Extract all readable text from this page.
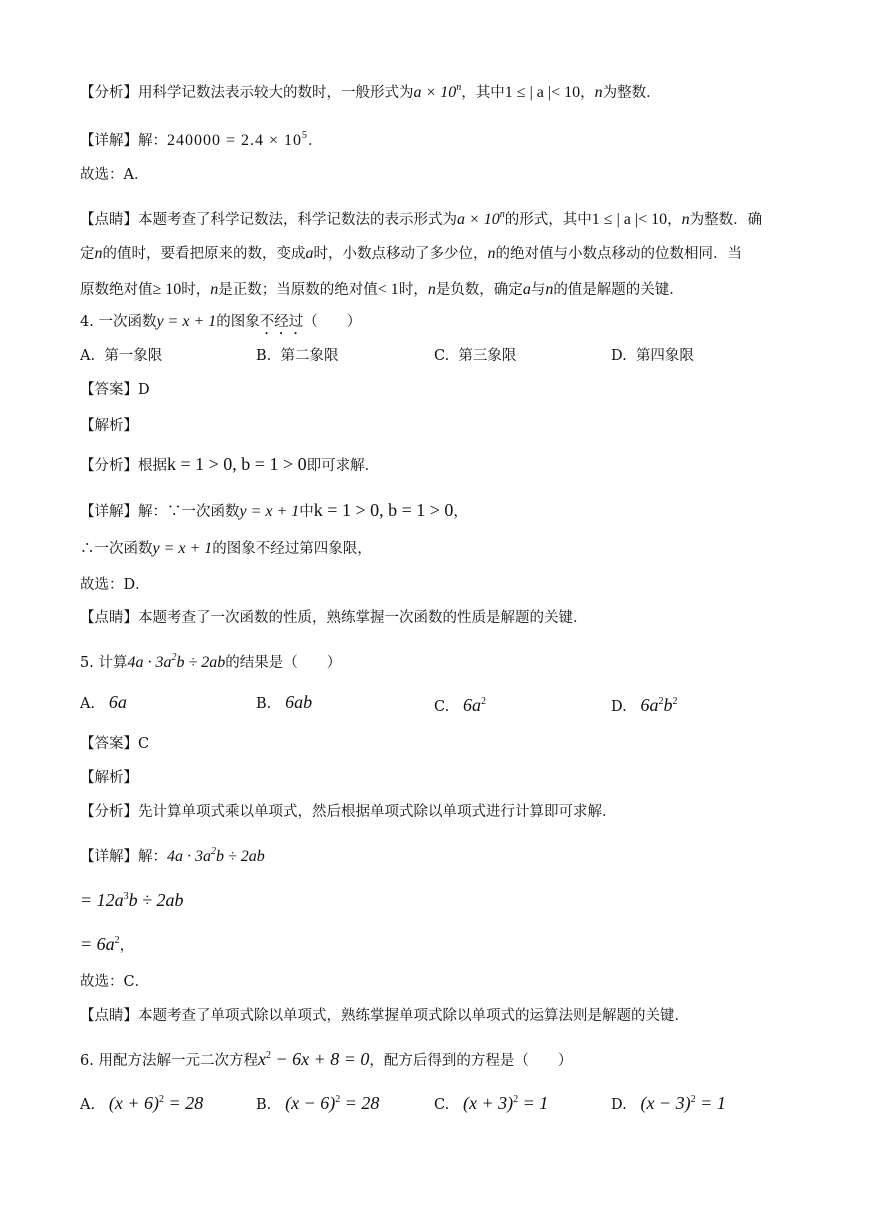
【分析】用科学记数法表示较大的数时，一般形式为$a \times 10^n$，其中1 ≤ | a |< 10，n为整数．
【详解】解：$240000 = 2.4 \times 10^5$．
故选：A．
【点睛】本题考查了科学记数法，科学记数法的表示形式为$a \times 10^n$的形式，其中1 ≤ | a |< 10，n为整数．确
定n的值时，要看把原来的数，变成a时，小数点移动了多少位，n的绝对值与小数点移动的位数相同．当
原数绝对值≥ 10时，n是正数；当原数的绝对值< 1时，n是负数，确定a与n的值是解题的关键．
4. 一次函数y = x + 1的图象不经过（　　）
A. 第一象限	B. 第二象限	C. 第三象限	D. 第四象限
【答案】D
【解析】
【分析】根据k = 1 > 0, b = 1 > 0即可求解．
【详解】解：∵一次函数y = x + 1中k = 1 > 0, b = 1 > 0，
∴一次函数y = x + 1的图象不经过第四象限，
故选：D．
【点睛】本题考查了一次函数的性质，熟练掌握一次函数的性质是解题的关键．
5. 计算$4a \cdot 3a^2b \div 2ab$的结果是（　　）
A. 6a	B. 6ab	C. $6a^2$	D. $6a^2b^2$
【答案】C
【解析】
【分析】先计算单项式乘以单项式，然后根据单项式除以单项式进行计算即可求解．
【详解】解：$4a \cdot 3a^2b \div 2ab$
= $12a^3b \div 2ab$
= $6a^2$，
故选：C．
【点睛】本题考查了单项式除以单项式，熟练掌握单项式除以单项式的运算法则是解题的关键．
6. 用配方法解一元二次方程$x^2 - 6x + 8 = 0$，配方后得到的方程是（　　）
A. $(x + 6)^2 = 28$	B. $(x - 6)^2 = 28$	C. $(x + 3)^2 = 1$	D. $(x - 3)^2 = 1$
